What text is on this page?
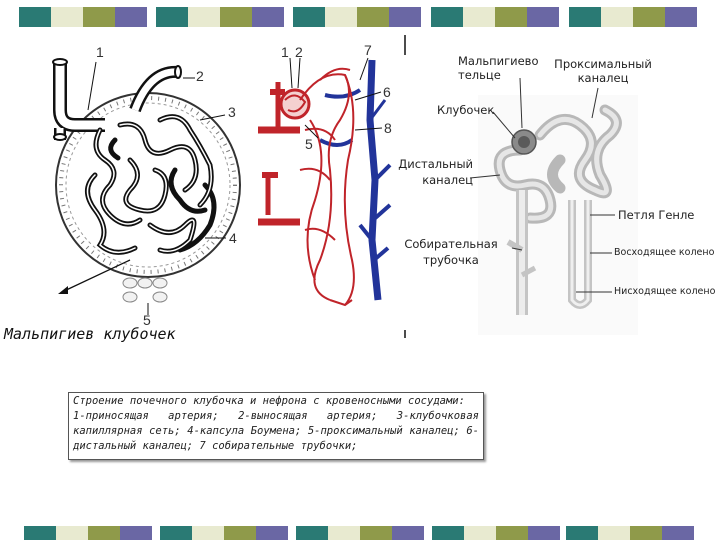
1
2
3
4
5
Мальпигиев клубочек
1 2	7
6
8
5
Мальпигиево тельце
Проксимальный каналец
Клубочек
Дистальный каналец
Собирательная трубочка
Петля Генле
Восходящее колено
Нисходящее колено

Строение почечного клубочка и нефрона с кровеносными сосудами:

1-приносящая артерия; 2-выносящая артерия; 3-клубочковая капиллярная сеть; 4-капсула Боумена; 5-проксимальный каналец; 6-дистальный каналец; 7 собирательные трубочки;
